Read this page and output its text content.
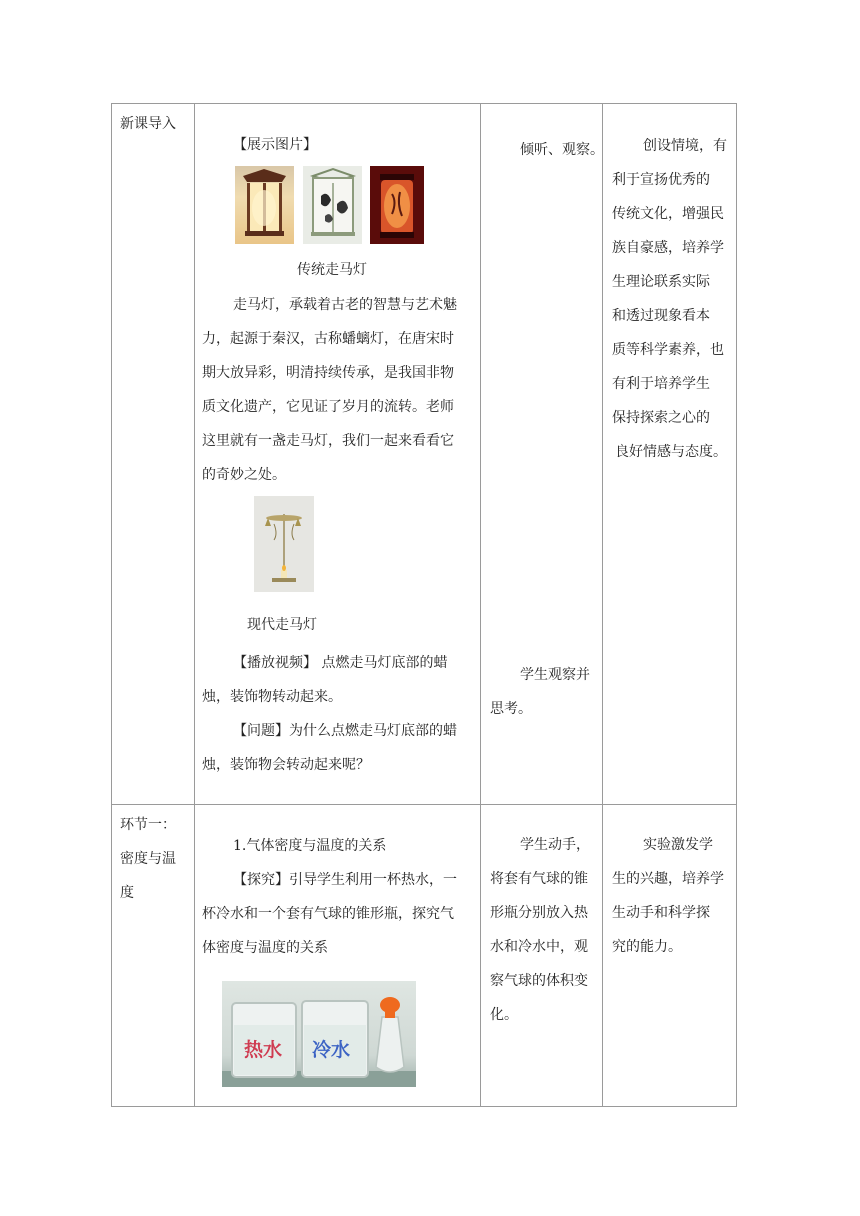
新课导入
【展示图片】
传统走马灯
走马灯，承载着古老的智慧与艺术魅
力，起源于秦汉，古称蟠螭灯，在唐宋时
期大放异彩，明清持续传承，是我国非物
质文化遗产，它见证了岁月的流转。老师
这里就有一盏走马灯，我们一起来看看它
的奇妙之处。
现代走马灯
【播放视频】 点燃走马灯底部的蜡
烛，装饰物转动起来。
【问题】为什么点燃走马灯底部的蜡
烛，装饰物会转动起来呢？
倾听、观察。
学生观察并
思考。
创设情境，有
利于宣扬优秀的
传统文化，增强民
族自豪感，培养学
生理论联系实际
和透过现象看本
质等科学素养，也
有利于培养学生
保持探索之心的
良好情感与态度。
环节一：
密度与温
度
1.气体密度与温度的关系
【探究】引导学生利用一杯热水，一
杯冷水和一个套有气球的锥形瓶，探究气
体密度与温度的关系
热水 冷水
学生动手，
将套有气球的锥
形瓶分别放入热
水和冷水中，观
察气球的体积变
化。
实验激发学
生的兴趣，培养学
生动手和科学探
究的能力。
